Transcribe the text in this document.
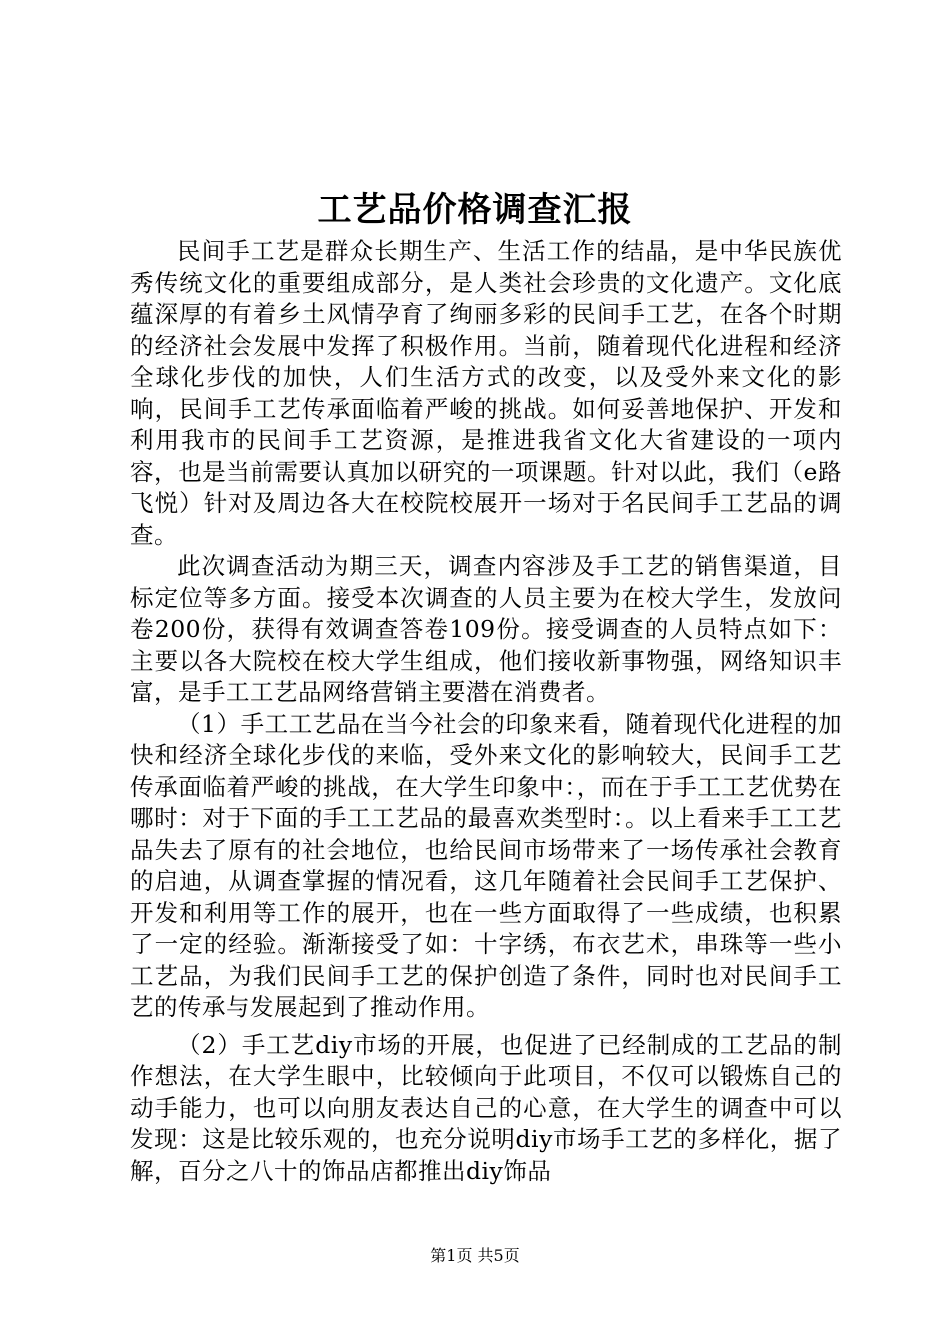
工艺品价格调查汇报

民间手工艺是群众长期生产、生活工作的结晶，是中华民族优秀传统文化的重要组成部分，是人类社会珍贵的文化遗产。文化底蕴深厚的有着乡土风情孕育了绚丽多彩的民间手工艺，在各个时期的经济社会发展中发挥了积极作用。当前，随着现代化进程和经济全球化步伐的加快，人们生活方式的改变，以及受外来文化的影响，民间手工艺传承面临着严峻的挑战。如何妥善地保护、开发和利用我市的民间手工艺资源，是推进我省文化大省建设的一项内容，也是当前需要认真加以研究的一项课题。针对以此，我们（e路飞悦）针对及周边各大在校院校展开一场对于名民间手工艺品的调查。

此次调查活动为期三天，调查内容涉及手工艺的销售渠道，目标定位等多方面。接受本次调查的人员主要为在校大学生，发放问卷200份，获得有效调查答卷109份。接受调查的人员特点如下：主要以各大院校在校大学生组成，他们接收新事物强，网络知识丰富，是手工工艺品网络营销主要潜在消费者。

（1）手工工艺品在当今社会的印象来看，随着现代化进程的加快和经济全球化步伐的来临，受外来文化的影响较大，民间手工艺传承面临着严峻的挑战，在大学生印象中：，而在于手工工艺优势在哪时：对于下面的手工工艺品的最喜欢类型时：。以上看来手工工艺品失去了原有的社会地位，也给民间市场带来了一场传承社会教育的启迪，从调查掌握的情况看，这几年随着社会民间手工艺保护、开发和利用等工作的展开，也在一些方面取得了一些成绩，也积累了一定的经验。渐渐接受了如：十字绣，布衣艺术，串珠等一些小工艺品，为我们民间手工艺的保护创造了条件，同时也对民间手工艺的传承与发展起到了推动作用。

（2）手工艺diy市场的开展，也促进了已经制成的工艺品的制作想法，在大学生眼中，比较倾向于此项目，不仅可以锻炼自己的动手能力，也可以向朋友表达自己的心意，在大学生的调查中可以发现：这是比较乐观的，也充分说明diy市场手工艺的多样化，据了解，百分之八十的饰品店都推出diy饰品

第1页 共5页
